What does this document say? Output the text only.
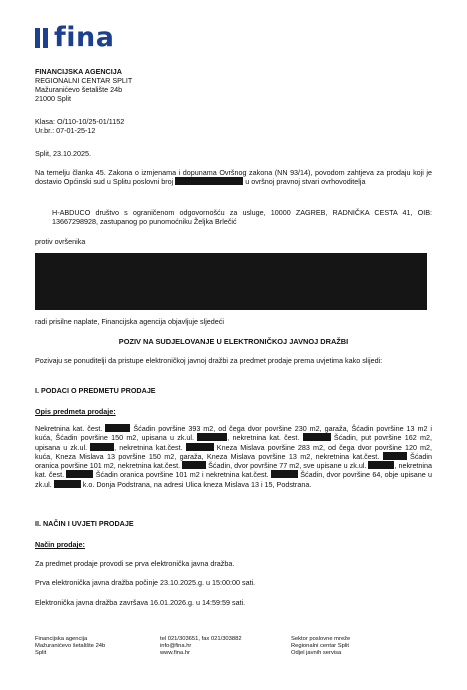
fina
FINANCIJSKA AGENCIJA
REGIONALNI CENTAR SPLIT
Mažuranićevo šetalište 24b
21000 Split
Klasa: O/110-10/25-01/1152
Ur.br.: 07-01-25-12
Split, 23.10.2025.
Na temelju članka 45. Zakona o izmjenama i dopunama Ovršnog zakona (NN 93/14), povodom zahtjeva za prodaju koji je dostavio Općinski sud u Splitu poslovni broj	u ovršnoj pravnoj stvari ovrhovoditelja
H-ABDUCO društvo s ograničenom odgovornošću za usluge, 10000 ZAGREB, RADNIČKA CESTA 41, OIB: 13667298928, zastupanog po punomoćniku Željka Brlečić
protiv ovršenika
radi prisilne naplate, Financijska agencija objavljuje sljedeći
POZIV NA SUDJELOVANJE U ELEKTRONIČKOJ JAVNOJ DRAŽBI
Pozivaju se ponuditelji da pristupe elektroničkoj javnoj dražbi za predmet prodaje prema uvjetima kako slijedi:
I. PODACI O PREDMETU PRODAJE
Opis predmeta prodaje:
Nekretnina kat. čest.	Šćadin površine 393 m2, od čega dvor površine 230 m2, garaža, Šćadin površine 13 m2 i kuća, Šćadin površine 150 m2, upisana u zk.ul.	, nekretnina kat. čest.	Šćadin, put površine 162 m2, upisana u zk.ul.	, nekretnina kat.čest.	Kneza Mislava površine 283 m2, od čega dvor površine 120 m2, kuća, Kneza Mislava 13 površine 150 m2, garaža, Kneza Mislava površine 13 m2, nekretnina kat.čest.	Šćadin oranica površine 101 m2, nekretnina kat.čest.	Šćadin, dvor površine 77 m2, sve upisane u zk.ul.	, nekretnina kat. čest.	Šćadin oranica površine 101 m2 i nekretnina kat.čest.	Šćadin, dvor površine 64, obje upisane u zk.ul.	k.o. Donja Podstrana, na adresi Ulica kneza Mislava 13 i 15, Podstrana.
II. NAČIN I UVJETI PRODAJE
Način prodaje:
Za predmet prodaje provodi se prva elektronička javna dražba.
Prva elektronička javna dražba počinje 23.10.2025.g. u 15:00:00 sati.
Elektronička javna dražba završava 16.01.2026.g. u 14:59:59 sati.
Financijska agencija
Mažuranićevo šetalište 24b
Split
tel 021/303651, fax 021/303882
info@fina.hr
www.fina.hr
Sektor poslovne mreže
Regionalni centar Split
Odjel javnih servisa
